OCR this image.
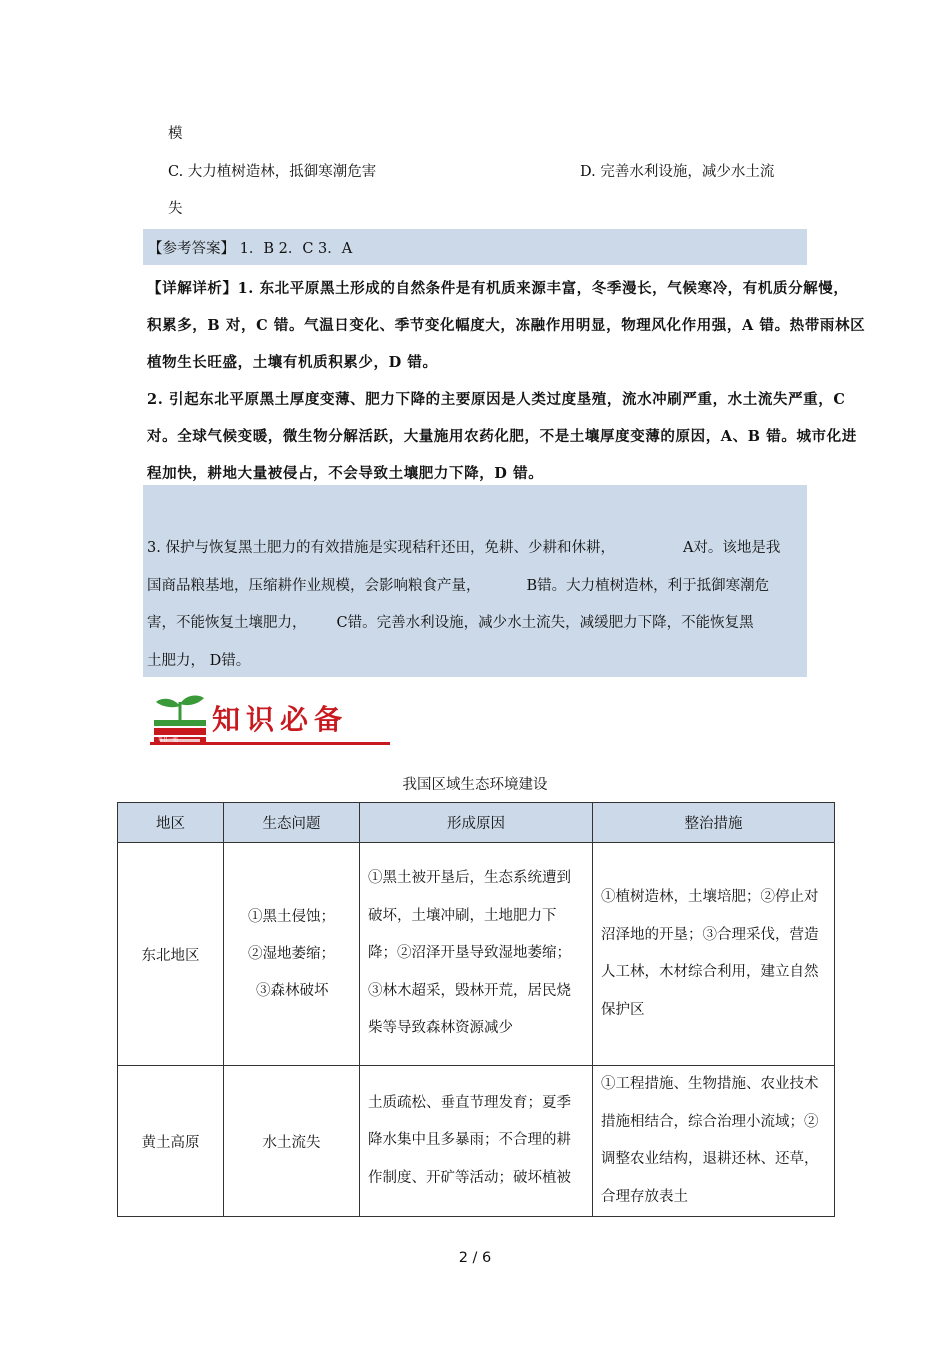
模
C. 大力植树造林，抵御寒潮危害	D. 完善水利设施，减少水土流
失
【参考答案】 1．B 2．C 3．A
【详解详析】1. 东北平原黑土形成的自然条件是有机质来源丰富，冬季漫长，气候寒冷，有机质分解慢，
积累多，B 对，C 错。气温日变化、季节变化幅度大，冻融作用明显，物理风化作用强，A 错。热带雨林区
植物生长旺盛，土壤有机质积累少，D 错。
2. 引起东北平原黑土厚度变薄、肥力下降的主要原因是人类过度垦殖，流水冲刷严重，水土流失严重，C
对。全球气候变暖，微生物分解活跃，大量施用农药化肥，不是土壤厚度变薄的原因，A、B 错。城市化进
程加快，耕地大量被侵占，不会导致土壤肥力下降，D 错。
3. 保护与恢复黑土肥力的有效措施是实现秸秆还田，免耕、少耕和休耕，	A对。该地是我
国商品粮基地，压缩耕作业规模，会影响粮食产量，	B错。大力植树造林，利于抵御寒潮危
害，不能恢复土壤肥力， C错。完善水利设施，减少水土流失，减缓肥力下降，不能恢复黑
土肥力， D错。
知识必备
每日一题
我国区域生态环境建设
地区	生态问题	形成原因	整治措施
东北地区	①黑土侵蚀；
②湿地萎缩；
③森林破坏	①黑土被开垦后，生态系统遭到破坏，土壤冲刷，土地肥力下降；②沼泽开垦导致湿地萎缩；③林木超采，毁林开荒，居民烧柴等导致森林资源减少	①植树造林，土壤培肥；②停止对沼泽地的开垦；③合理采伐，营造人工林，木材综合利用，建立自然保护区
黄土高原	水土流失	土质疏松、垂直节理发育；夏季降水集中且多暴雨；不合理的耕作制度、开矿等活动；破坏植被	①工程措施、生物措施、农业技术措施相结合，综合治理小流域；②调整农业结构，退耕还林、还草，合理存放表土
2 / 6
